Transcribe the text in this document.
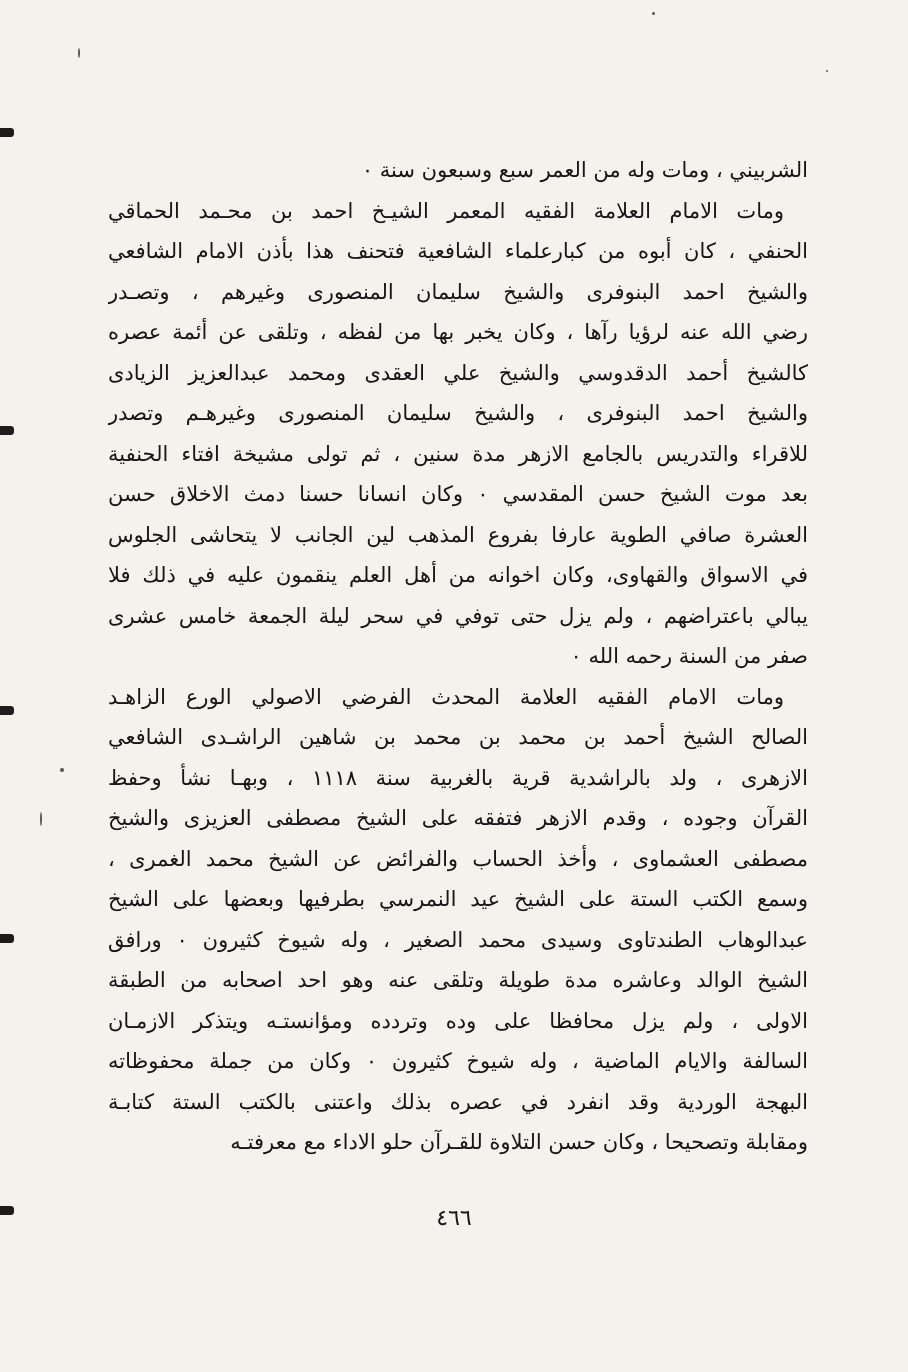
الشربيني ، ومات وله من العمر سبع وسبعون سنة ٠
ومات الامام العلامة الفقيه المعمر الشيـخ احمد بن محـمد الحماقي
الحنفي ، كان أبوه من كبارعلماء الشافعية فتحنف هذا بأذن الامام الشافعي
والشيخ احمد البنوفرى والشيخ سليمان المنصورى وغيرهم ، وتصـدر
رضي الله عنه لرؤيا رآها ، وكان يخبر بها من لفظه ، وتلقى عن أئمة عصره
كالشيخ أحمد الدقدوسي والشيخ علي العقدى ومحمد عبدالعزيز الزيادى
والشيخ احمد البنوفرى ، والشيخ سليمان المنصورى وغيرهـم وتصدر
للاقراء والتدريس بالجامع الازهر مدة سنين ، ثم تولى مشيخة افتاء الحنفية
بعد موت الشيخ حسن المقدسي ٠ وكان انسانا حسنا دمث الاخلاق حسن
العشرة صافي الطوية عارفا بفروع المذهب لين الجانب لا يتحاشى الجلوس
في الاسواق والقهاوى، وكان اخوانه من أهل العلم ينقمون عليه في ذلك فلا
يبالي باعتراضهم ، ولم يزل حتى توفي في سحر ليلة الجمعة خامس عشرى
صفر من السنة رحمه الله ٠
ومات الامام الفقيه العلامة المحدث الفرضي الاصولي الورع الزاهـد
الصالح الشيخ أحمد بن محمد بن محمد بن شاهين الراشـدى الشافعي
الازهرى ، ولد بالراشدية قرية بالغربية سنة ١١١٨ ، وبهـا نشأ وحفظ
القرآن وجوده ، وقدم الازهر فتفقه على الشيخ مصطفى العزيزى والشيخ
مصطفى العشماوى ، وأخذ الحساب والفرائض عن الشيخ محمد الغمرى ،
وسمع الكتب الستة على الشيخ عيد النمرسي بطرفيها وبعضها على الشيخ
عبدالوهاب الطندتاوى وسيدى محمد الصغير ، وله شيوخ كثيرون ٠ ورافق
الشيخ الوالد وعاشره مدة طويلة وتلقى عنه وهو احد اصحابه من الطبقة
الاولى ، ولم يزل محافظا على وده وتردده ومؤانستـه ويتذكر الازمـان
السالفة والايام الماضية ، وله شيوخ كثيرون ٠ وكان من جملة محفوظاته
البهجة الوردية وقد انفرد في عصره بذلك واعتنى بالكتب الستة كتابـة
ومقابلة وتصحيحا ، وكان حسن التلاوة للقـرآن حلو الاداء مع معرفتـه
٤٦٦
